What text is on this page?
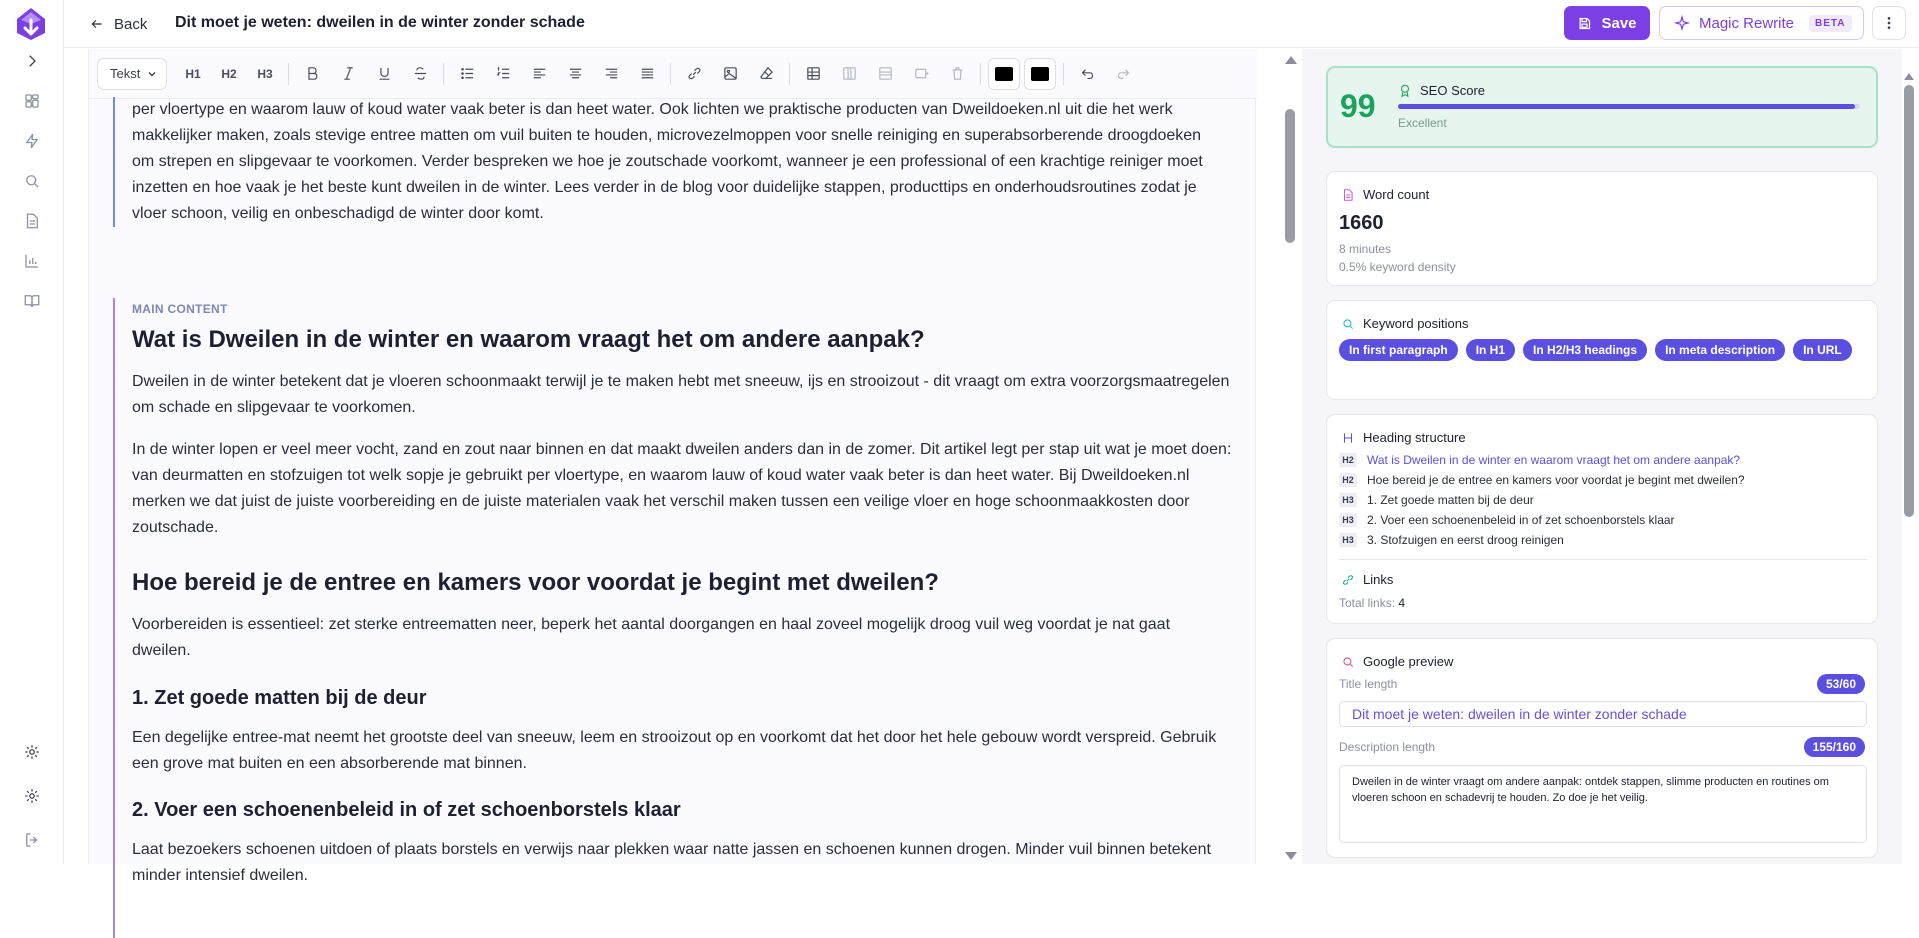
Back Dit moet je weten: dweilen in de winter zonder schade	Save	Magic Rewrite	BETA
Tekst	H1	H2	H3
per vloertype en waarom lauw of koud water vaak beter is dan heet water. Ook lichten we praktische producten van Dweildoeken.nl uit die het werk makkelijker maken, zoals stevige entree matten om vuil buiten te houden, microvezelmoppen voor snelle reiniging en superabsorberende droogdoeken om strepen en slipgevaar te voorkomen. Verder bespreken we hoe je zoutschade voorkomt, wanneer je een professional of een krachtige reiniger moet inzetten en hoe vaak je het beste kunt dweilen in de winter. Lees verder in de blog voor duidelijke stappen, producttips en onderhoudsroutines zodat je vloer schoon, veilig en onbeschadigd de winter door komt.
MAIN CONTENT
Wat is Dweilen in de winter en waarom vraagt het om andere aanpak?
Dweilen in de winter betekent dat je vloeren schoonmaakt terwijl je te maken hebt met sneeuw, ijs en strooizout - dit vraagt om extra voorzorgsmaatregelen om schade en slipgevaar te voorkomen.
In de winter lopen er veel meer vocht, zand en zout naar binnen en dat maakt dweilen anders dan in de zomer. Dit artikel legt per stap uit wat je moet doen: van deurmatten en stofzuigen tot welk sopje je gebruikt per vloertype, en waarom lauw of koud water vaak beter is dan heet water. Bij Dweildoeken.nl merken we dat juist de juiste voorbereiding en de juiste materialen vaak het verschil maken tussen een veilige vloer en hoge schoonmaakkosten door zoutschade.
Hoe bereid je de entree en kamers voor voordat je begint met dweilen?
Voorbereiden is essentieel: zet sterke entreematten neer, beperk het aantal doorgangen en haal zoveel mogelijk droog vuil weg voordat je nat gaat dweilen.
1. Zet goede matten bij de deur
Een degelijke entree-mat neemt het grootste deel van sneeuw, leem en strooizout op en voorkomt dat het door het hele gebouw wordt verspreid. Gebruik een grove mat buiten en een absorberende mat binnen.
2. Voer een schoenenbeleid in of zet schoenborstels klaar
Laat bezoekers schoenen uitdoen of plaats borstels en verwijs naar plekken waar natte jassen en schoenen kunnen drogen. Minder vuil binnen betekent minder intensief dweilen.
99	SEO Score
Excellent
Word count
1660
8 minutes
0.5% keyword density
Keyword positions
In first paragraph	In H1	In H2/H3 headings	In meta description	In URL
Heading structure
H2 Wat is Dweilen in de winter en waarom vraagt het om andere aanpak?
H2 Hoe bereid je de entree en kamers voor voordat je begint met dweilen?
H3 1. Zet goede matten bij de deur
H3 2. Voer een schoenenbeleid in of zet schoenborstels klaar
H3 3. Stofzuigen en eerst droog reinigen
Links
Total links: 4
Google preview
Title length	53/60
Dit moet je weten: dweilen in de winter zonder schade
Description length	155/160
Dweilen in de winter vraagt om andere aanpak: ontdek stappen, slimme producten en routines om vloeren schoon en schadevrij te houden. Zo doe je het veilig.
